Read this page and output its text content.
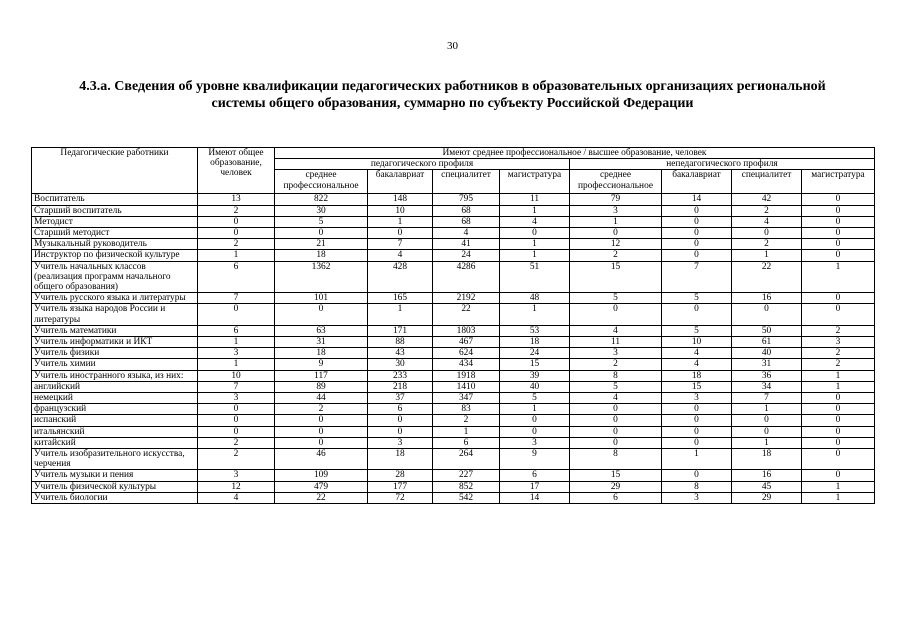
30
4.3.а. Сведения об уровне квалификации педагогических работников в образовательных организациях региональной
системы общего образования, суммарно по субъекту Российской Федерации
Педагогические работники	Имеют общее образование, человек	Имеют среднее профессиональное / высшее образование, человек							
		педагогического профиля				непедагогического профиля			
		среднее профессиональное	бакалавриат	специалитет	магистратура	среднее профессиональное	бакалавриат	специалитет	магистратура
Воспитатель	13	822	148	795	11	79	14	42	0
Старший воспитатель	2	30	10	68	1	3	0	2	0
Методист	0	5	1	68	4	1	0	4	0
Старший методист	0	0	0	4	0	0	0	0	0
Музыкальный руководитель	2	21	7	41	1	12	0	2	0
Инструктор по физической культуре	1	18	4	24	1	2	0	1	0
Учитель начальных классов (реализация программ начального общего образования)	6	1362	428	4286	51	15	7	22	1
Учитель русского языка и литературы	7	101	165	2192	48	5	5	16	0
Учитель языка народов России и литературы	0	0	1	22	1	0	0	0	0
Учитель математики	6	63	171	1803	53	4	5	50	2
Учитель информатики и ИКТ	1	31	88	467	18	11	10	61	3
Учитель физики	3	18	43	624	24	3	4	40	2
Учитель химии	1	9	30	434	15	2	4	31	2
Учитель иностранного языка, из них:	10	117	233	1918	39	8	18	36	1
английский	7	89	218	1410	40	5	15	34	1
немецкий	3	44	37	347	5	4	3	7	0
французский	0	2	6	83	1	0	0	1	0
испанский	0	0	0	2	0	0	0	0	0
итальянский	0	0	0	1	0	0	0	0	0
китайский	2	0	3	6	3	0	0	1	0
Учитель изобразительного искусства, черчения	2	46	18	264	9	8	1	18	0
Учитель музыки и пения	3	109	28	227	6	15	0	16	0
Учитель физической культуры	12	479	177	852	17	29	8	45	1
Учитель биологии	4	22	72	542	14	6	3	29	1
